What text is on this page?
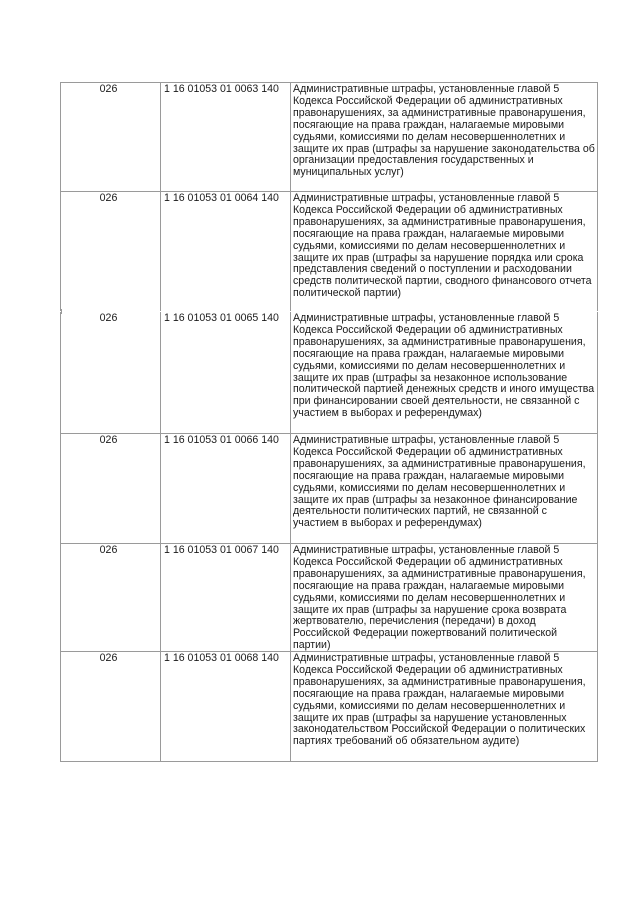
026	1 16 01053 01 0063 140	Административные штрафы, установленные главой 5 Кодекса Российской Федерации об административных правонарушениях, за административные правонарушения, посягающие на права граждан, налагаемые мировыми судьями, комиссиями по делам несовершеннолетних и защите их прав (штрафы за нарушение законодательства об организации предоставления государственных и муниципальных услуг)
026	1 16 01053 01 0064 140	Административные штрафы, установленные главой 5 Кодекса Российской Федерации об административных правонарушениях, за административные правонарушения, посягающие на права граждан, налагаемые мировыми судьями, комиссиями по делам несовершеннолетних и защите их прав (штрафы за нарушение порядка или срока представления сведений о поступлении и расходовании средств политической партии, сводного финансового отчета политической партии)
026	1 16 01053 01 0065 140	Административные штрафы, установленные главой 5 Кодекса Российской Федерации об административных правонарушениях, за административные правонарушения, посягающие на права граждан, налагаемые мировыми судьями, комиссиями по делам несовершеннолетних и защите их прав (штрафы за незаконное использование политической партией денежных средств и иного имущества при финансировании своей деятельности, не связанной с участием в выборах и референдумах)
026	1 16 01053 01 0066 140	Административные штрафы, установленные главой 5 Кодекса Российской Федерации об административных правонарушениях, за административные правонарушения, посягающие на права граждан, налагаемые мировыми судьями, комиссиями по делам несовершеннолетних и защите их прав (штрафы за незаконное финансирование деятельности политических партий, не связанной с участием в выборах и референдумах)
026	1 16 01053 01 0067 140	Административные штрафы, установленные главой 5 Кодекса Российской Федерации об административных правонарушениях, за административные правонарушения, посягающие на права граждан, налагаемые мировыми судьями, комиссиями по делам несовершеннолетних и защите их прав (штрафы за нарушение срока возврата жертвователю, перечисления (передачи) в доход Российской Федерации пожертвований политической партии)
026	1 16 01053 01 0068 140	Административные штрафы, установленные главой 5 Кодекса Российской Федерации об административных правонарушениях, за административные правонарушения, посягающие на права граждан, налагаемые мировыми судьями, комиссиями по делам несовершеннолетних и защите их прав (штрафы за нарушение установленных законодательством Российской Федерации о политических партиях требований об обязательном аудите)
